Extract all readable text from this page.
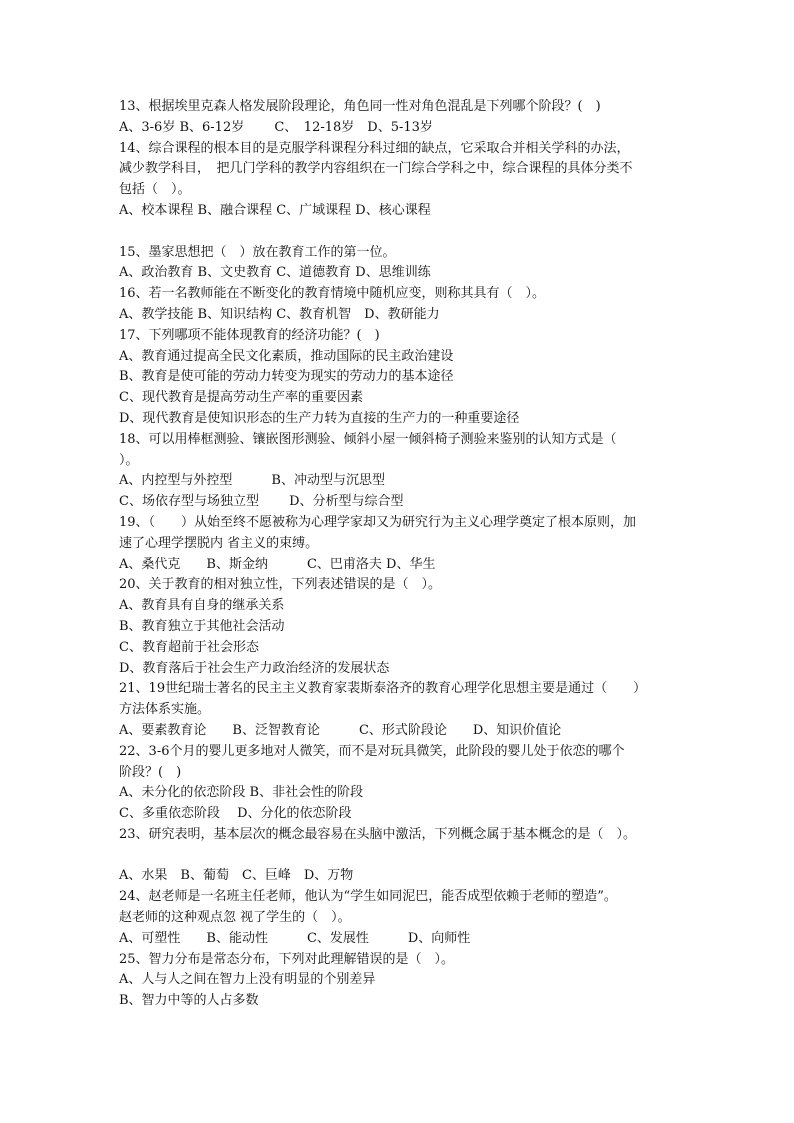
13、根据埃里克森人格发展阶段理论，角色同一性对角色混乱是下列哪个阶段？(　)
A、3-6岁 B、6-12岁　　 C、　12-18岁　D、5-13岁
14、综合课程的根本目的是克服学科课程分科过细的缺点，它采取合并相关学科的办法，
减少教学科目，　把几门学科的教学内容组织在一门综合学科之中，综合课程的具体分类不
包括（　）。
A、校本课程 B、融合课程 C、广域课程 D、核心课程
15、墨家思想把（　）放在教育工作的第一位。
A、政治教育 B、文史教育 C、道德教育 D、思维训练
16、若一名教师能在不断变化的教育情境中随机应变，则称其具有（　）。
A、教学技能 B、知识结构 C、教育机智　D、教研能力
17、下列哪项不能体现教育的经济功能？(　)
A、教育通过提高全民文化素质，推动国际的民主政治建设
B、教育是使可能的劳动力转变为现实的劳动力的基本途径
C、现代教育是提高劳动生产率的重要因素
D、现代教育是使知识形态的生产力转为直接的生产力的一种重要途径
18、可以用棒框测验、镶嵌图形测验、倾斜小屋一倾斜椅子测验来鉴别的认知方式是（
）。
A、内控型与外控型　　　B、冲动型与沉思型
C、场依存型与场独立型　　 D、分析型与综合型
19、（　　）从始至终不愿被称为心理学家却又为研究行为主义心理学奠定了根本原则，加
速了心理学摆脱内 省主义的束缚。
A、桑代克　　B、斯金纳　　　C、巴甫洛夫 D、华生
20、关于教育的相对独立性，下列表述错误的是（　）。
A、教育具有自身的继承关系
B、教育独立于其他社会活动
C、教育超前于社会形态
D、教育落后于社会生产力政治经济的发展状态
21、19世纪瑞士著名的民主主义教育家裴斯泰洛齐的教育心理学化思想主要是通过（　　）
方法体系实施。
A、要素教育论　　B、泛智教育论　　　C、形式阶段论　　D、知识价值论
22、3-6个月的婴儿更多地对人微笑，而不是对玩具微笑，此阶段的婴儿处于依恋的哪个
阶段？(　)
A、未分化的依恋阶段 B、非社会性的阶段
C、多重依恋阶段　 D、分化的依恋阶段
23、研究表明，基本层次的概念最容易在头脑中激活，下列概念属于基本概念的是（　）。
A、水果　B、葡萄　C、巨峰　D、万物
24、赵老师是一名班主任老师，他认为“学生如同泥巴，能否成型依赖于老师的塑造”。
赵老师的这种观点忽 视了学生的（　）。
A、可塑性　　B、能动性　　　C、发展性　　　D、向师性
25、智力分布是常态分布，下列对此理解错误的是（　）。
A、人与人之间在智力上没有明显的个别差异
B、智力中等的人占多数
